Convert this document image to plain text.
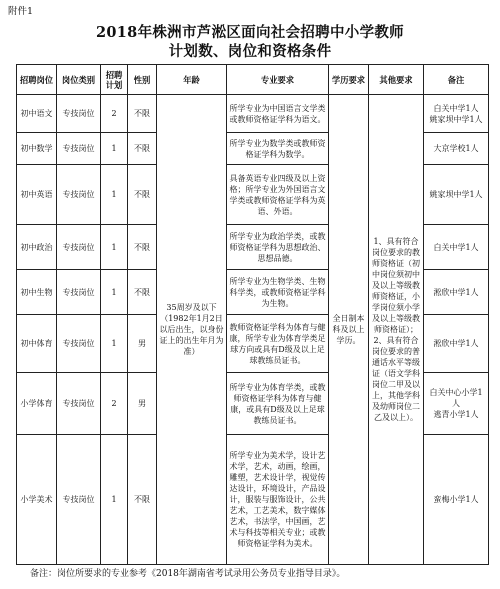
附件1
2018年株洲市芦淞区面向社会招聘中小学教师
计划数、岗位和资格条件
招聘岗位	岗位类别	招聘计划	性别	年龄	专业要求	学历要求	其他要求	备注
初中语文	专技岗位	2	不限	35周岁及以下（1982年1月2日以后出生，以身份证上的出生年月为准）	所学专业为中国语言文学类或教师资格证学科为语文。	全日制本科及以上学历。	1、具有符合岗位要求的教师资格证（初中岗位须初中及以上等级教师资格证，小学岗位须小学及以上等级教师资格证）；2、具有符合岗位要求的普通话水平等级证（语文学科岗位二甲及以上，其他学科及幼师岗位二乙及以上）。	白关中学1人
姚家坝中学1人
初中数学	专技岗位	1	不限		所学专业为数学类或教师资格证学科为数学。			大京学校1人
初中英语	专技岗位	1	不限		具备英语专业四级及以上资格；所学专业为外国语言文学类或教师资格证学科为英语、外语。			姚家坝中学1人
初中政治	专技岗位	1	不限		所学专业为政治学类，或教师资格证学科为思想政治、思想品德。			白关中学1人
初中生物	专技岗位	1	不限		所学专业为生物学类、生物科学类，或教师资格证学科为生物。			淞欣中学1人
初中体育	专技岗位	1	男		教师资格证学科为体育与健康，所学专业为体育学类足球方向或具有D级及以上足球教练员证书。			淞欣中学1人
小学体育	专技岗位	2	男		所学专业为体育学类，或教师资格证学科为体育与健康，或具有D级及以上足球教练员证书。			白关中心小学1人
逃青小学1人
小学美术	专技岗位	1	不限		所学专业为美术学，设计艺术学，艺术，动画，绘画，雕塑，艺术设计学，视觉传达设计，环境设计，产品设计，服装与服饰设计，公共艺术，工艺美术，数字媒体艺术，书法学，中国画，艺术与科技等相关专业；或教师资格证学科为美术。			蛮梅小学1人
备注：岗位所要求的专业参考《2018年湖南省考试录用公务员专业指导目录》。
